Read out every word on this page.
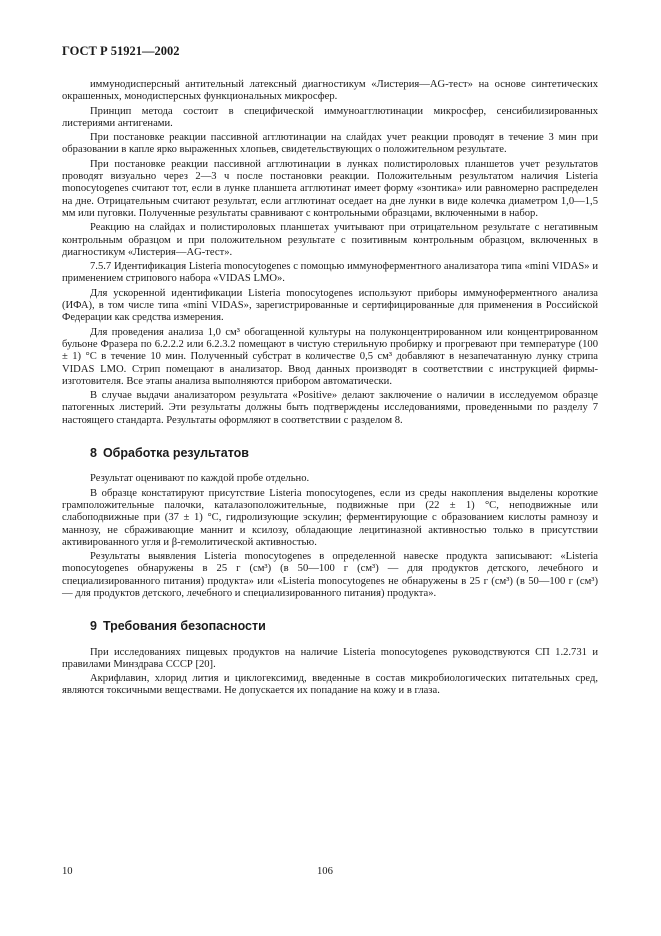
ГОСТ Р 51921—2002

иммунодисперсный антительный латексный диагностикум «Листерия—AG-тест» на основе синтетических окрашенных, монодисперсных функциональных микросфер.

Принцип метода состоит в специфической иммуноагглютинации микросфер, сенсибилизированных листериями антигенами.

При постановке реакции пассивной агглютинации на слайдах учет реакции проводят в течение 3 мин при образовании в капле ярко выраженных хлопьев, свидетельствующих о положительном результате.

При постановке реакции пассивной агглютинации в лунках полистироловых планшетов учет результатов проводят визуально через 2—3 ч после постановки реакции. Положительным результатом наличия Listeria monocytogenes считают тот, если в лунке планшета агглютинат имеет форму «зонтика» или равномерно распределен на дне. Отрицательным считают результат, если агглютинат оседает на дне лунки в виде колечка диаметром 1,0—1,5 мм или пуговки. Полученные результаты сравнивают с контрольными образцами, включенными в набор.

Реакцию на слайдах и полистироловых планшетах учитывают при отрицательном результате с негативным контрольным образцом и при положительном результате с позитивным контрольным образцом, включенных в диагностикум «Листерия—AG-тест».

7.5.7 Идентификация Listeria monocytogenes с помощью иммуноферментного анализатора типа «mini VIDAS» и применением стрипового набора «VIDAS LMO».

Для ускоренной идентификации Listeria monocytogenes используют приборы иммуноферментного анализа (ИФА), в том числе типа «mini VIDAS», зарегистрированные и сертифицированные для применения в Российской Федерации как средства измерения.

Для проведения анализа 1,0 см³ обогащенной культуры на полуконцентрированном или концентрированном бульоне Фразера по 6.2.2.2 или 6.2.3.2 помещают в чистую стерильную пробирку и прогревают при температуре (100 ± 1) °С в течение 10 мин. Полученный субстрат в количестве 0,5 см³ добавляют в незапечатанную лунку стрипа VIDAS LMO. Стрип помещают в анализатор. Ввод данных производят в соответствии с инструкцией фирмы-изготовителя. Все этапы анализа выполняются прибором автоматически.

В случае выдачи анализатором результата «Positive» делают заключение о наличии в исследуемом образце патогенных листерий. Эти результаты должны быть подтверждены исследованиями, проведенными по разделу 7 настоящего стандарта. Результаты оформляют в соответствии с разделом 8.

8 Обработка результатов

Результат оценивают по каждой пробе отдельно.

В образце констатируют присутствие Listeria monocytogenes, если из среды накопления выделены короткие грамположительные палочки, каталазоположительные, подвижные при (22 ± 1) °С, неподвижные или слабоподвижные при (37 ± 1) °С, гидролизующие эскулин; ферментирующие с образованием кислоты рамнозу и маннозу, не сбраживающие маннит и ксилозу, обладающие лецитиназной активностью только в присутствии активированного угля и β-гемолитической активностью.

Результаты выявления Listeria monocytogenes в определенной навеске продукта записывают: «Listeria monocytogenes обнаружены в 25 г (см³) (в 50—100 г (см³) — для продуктов детского, лечебного и специализированного питания) продукта» или «Listeria monocytogenes не обнаружены в 25 г (см³) (в 50—100 г (см³) — для продуктов детского, лечебного и специализированного питания) продукта».

9 Требования безопасности

При исследованиях пищевых продуктов на наличие Listeria monocytogenes руководствуются СП 1.2.731 и правилами Минздрава СССР [20].

Акрифлавин, хлорид лития и циклогексимид, введенные в состав микробиологических питательных сред, являются токсичными веществами. Не допускается их попадание на кожу и в глаза.

10	106
